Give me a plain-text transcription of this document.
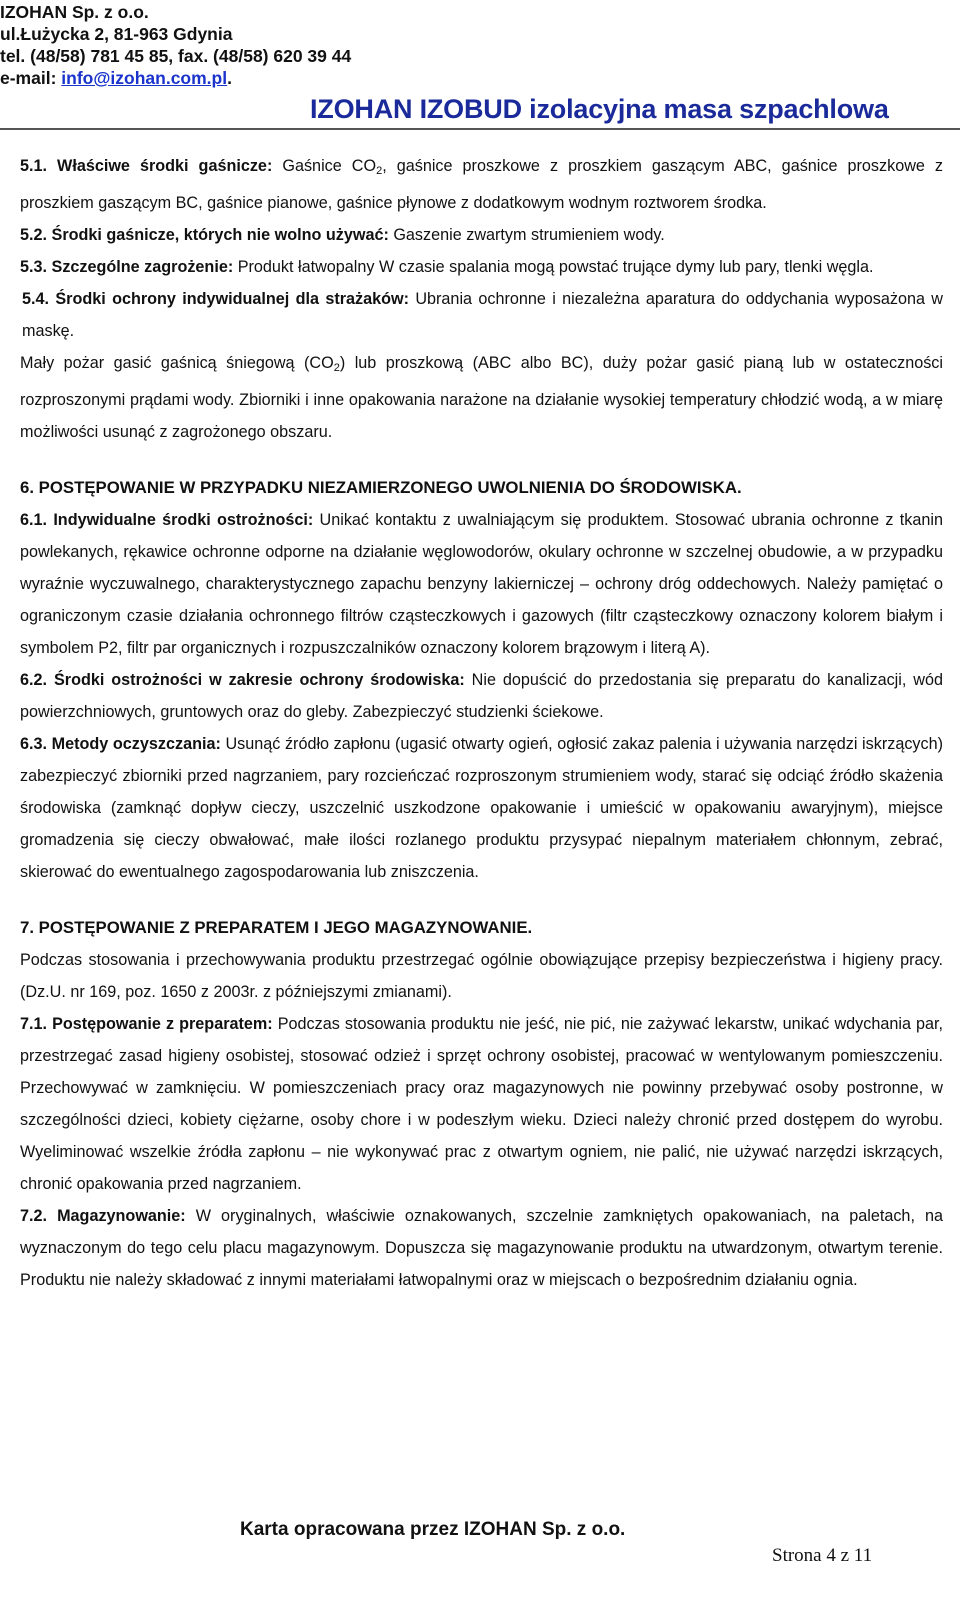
IZOHAN Sp. z o.o.
ul.Łużycka 2, 81-963 Gdynia
tel. (48/58) 781 45 85, fax. (48/58) 620 39 44
e-mail: info@izohan.com.pl.
IZOHAN IZOBUD izolacyjna masa szpachlowa

5.1. Właściwe środki gaśnicze: Gaśnice $CO_2$, gaśnice proszkowe z proszkiem gaszącym ABC, gaśnice proszkowe z proszkiem gaszącym BC, gaśnice pianowe, gaśnice płynowe z dodatkowym wodnym roztworem środka.

5.2. Środki gaśnicze, których nie wolno używać: Gaszenie zwartym strumieniem wody.

5.3. Szczególne zagrożenie: Produkt łatwopalny W czasie spalania mogą powstać trujące dymy lub pary, tlenki węgla.

5.4. Środki ochrony indywidualnej dla strażaków: Ubrania ochronne i niezależna aparatura do oddychania wyposażona w maskę.

Mały pożar gasić gaśnicą śniegową $(CO_2)$ lub proszkową (ABC albo BC), duży pożar gasić pianą lub w ostateczności rozproszonymi prądami wody. Zbiorniki i inne opakowania narażone na działanie wysokiej temperatury chłodzić wodą, a w miarę możliwości usunąć z zagrożonego obszaru.

6. POSTĘPOWANIE W PRZYPADKU NIEZAMIERZONEGO UWOLNIENIA DO ŚRODOWISKA.

6.1. Indywidualne środki ostrożności: Unikać kontaktu z uwalniającym się produktem. Stosować ubrania ochronne z tkanin powlekanych, rękawice ochronne odporne na działanie węglowodorów, okulary ochronne w szczelnej obudowie, a w przypadku wyraźnie wyczuwalnego, charakterystycznego zapachu benzyny lakierniczej – ochrony dróg oddechowych. Należy pamiętać o ograniczonym czasie działania ochronnego filtrów cząsteczkowych i gazowych (filtr cząsteczkowy oznaczony kolorem białym i symbolem P2, filtr par organicznych i rozpuszczalników oznaczony kolorem brązowym i literą A).

6.2. Środki ostrożności w zakresie ochrony środowiska: Nie dopuścić do przedostania się preparatu do kanalizacji, wód powierzchniowych, gruntowych oraz do gleby. Zabezpieczyć studzienki ściekowe.

6.3. Metody oczyszczania: Usunąć źródło zapłonu (ugasić otwarty ogień, ogłosić zakaz palenia i używania narzędzi iskrzących) zabezpieczyć zbiorniki przed nagrzaniem, pary rozcieńczać rozproszonym strumieniem wody, starać się odciąć źródło skażenia środowiska (zamknąć dopływ cieczy, uszczelnić uszkodzone opakowanie i umieścić w opakowaniu awaryjnym), miejsce gromadzenia się cieczy obwałować, małe ilości rozlanego produktu przysypać niepalnym materiałem chłonnym, zebrać, skierować do ewentualnego zagospodarowania lub zniszczenia.

7. POSTĘPOWANIE Z PREPARATEM I JEGO MAGAZYNOWANIE.

Podczas stosowania i przechowywania produktu przestrzegać ogólnie obowiązujące przepisy bezpieczeństwa i higieny pracy. (Dz.U. nr 169, poz. 1650 z 2003r. z późniejszymi zmianami).

7.1. Postępowanie z preparatem: Podczas stosowania produktu nie jeść, nie pić, nie zażywać lekarstw, unikać wdychania par, przestrzegać zasad higieny osobistej, stosować odzież i sprzęt ochrony osobistej, pracować w wentylowanym pomieszczeniu. Przechowywać w zamknięciu. W pomieszczeniach pracy oraz magazynowych nie powinny przebywać osoby postronne, w szczególności dzieci, kobiety ciężarne, osoby chore i w podeszłym wieku. Dzieci należy chronić przed dostępem do wyrobu. Wyeliminować wszelkie źródła zapłonu – nie wykonywać prac z otwartym ogniem, nie palić, nie używać narzędzi iskrzących, chronić opakowania przed nagrzaniem.

7.2. Magazynowanie: W oryginalnych, właściwie oznakowanych, szczelnie zamkniętych opakowaniach, na paletach, na wyznaczonym do tego celu placu magazynowym. Dopuszcza się magazynowanie produktu na utwardzonym, otwartym terenie. Produktu nie należy składować z innymi materiałami łatwopalnymi oraz w miejscach o bezpośrednim działaniu ognia.

Karta opracowana przez IZOHAN Sp. z o.o.
Strona 4 z 11
